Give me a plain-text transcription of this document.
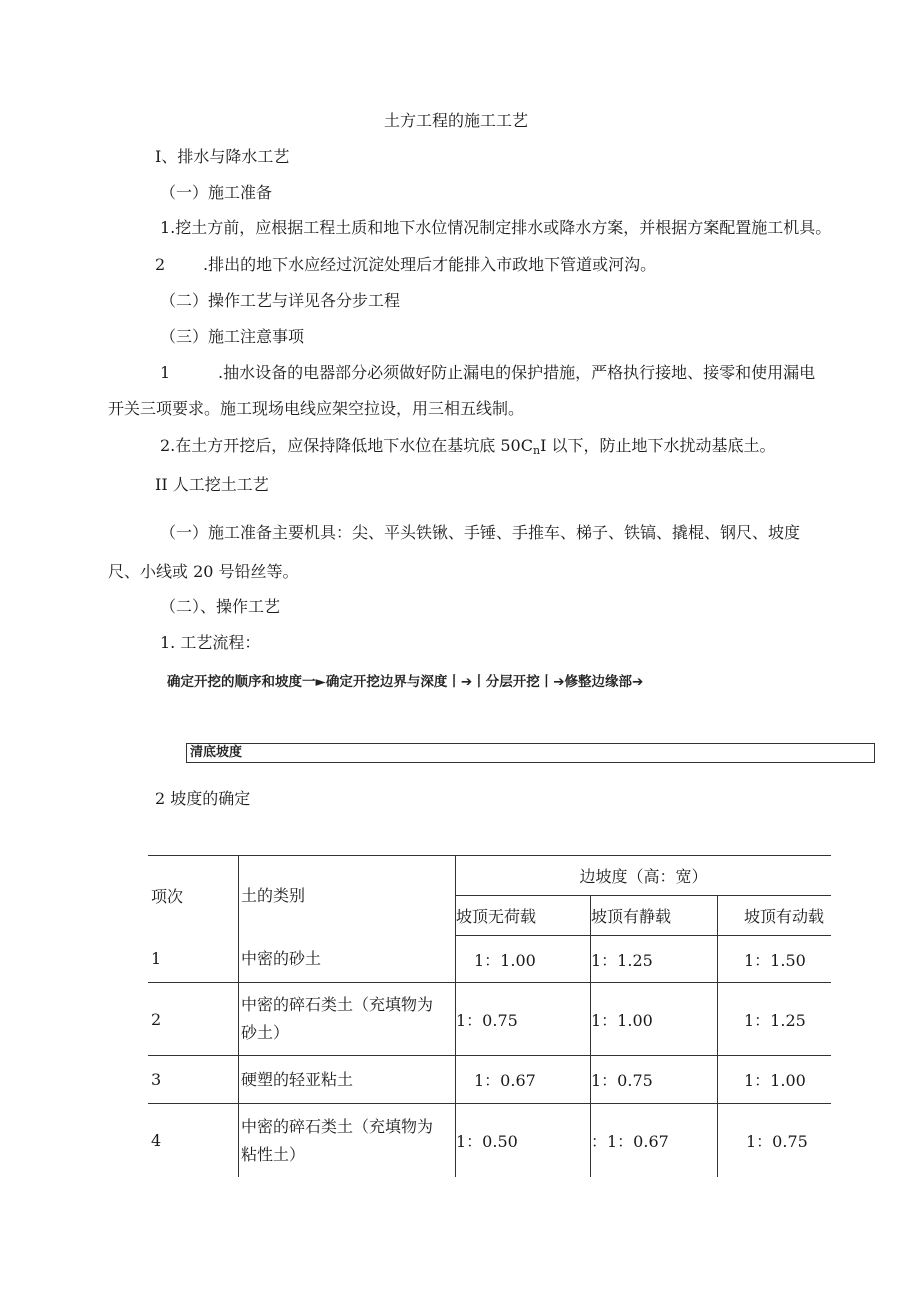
土方工程的施工工艺
I、排水与降水工艺
（一）施工准备
1.挖土方前，应根据工程土质和地下水位情况制定排水或降水方案，并根据方案配置施工机具。
2 .排出的地下水应经过沉淀处理后才能排入市政地下管道或河沟。
（二）操作工艺与详见各分步工程
（三）施工注意事项
1	.抽水设备的电器部分必须做好防止漏电的保护措施，严格执行接地、接零和使用漏电
开关三项要求。施工现场电线应架空拉设，用三相五线制。
2.在土方开挖后，应保持降低地下水位在基坑底 $50C_nI$ 以下，防止地下水扰动基底土。
II 人工挖土工艺
（一）施工准备主要机具：尖、平头铁锹、手锤、手推车、梯子、铁镐、撬棍、钢尺、坡度
尺、小线或 20 号铅丝等。
（二）、操作工艺
1. 工艺流程：
确定开挖的顺序和坡度一►确定开挖边界与深度丨➔丨分层开挖丨➔修整边缘部➔
清底坡度
2 坡度的确定
项次	土的类别	边坡度（高：宽）		
		坡顶无荷载	坡顶有静载	坡顶有动载
1	中密的砂土	1：1.00	1：1.25	1：1.50
2	中密的碎石类土（充填物为
砂土）	1：0.75	1：1.00	1：1.25
3	硬塑的轻亚粘土	1：0.67	1：0.75	1：1.00
4	中密的碎石类土（充填物为
粘性土）	1：0.50	：1：0.67	1：0.75
